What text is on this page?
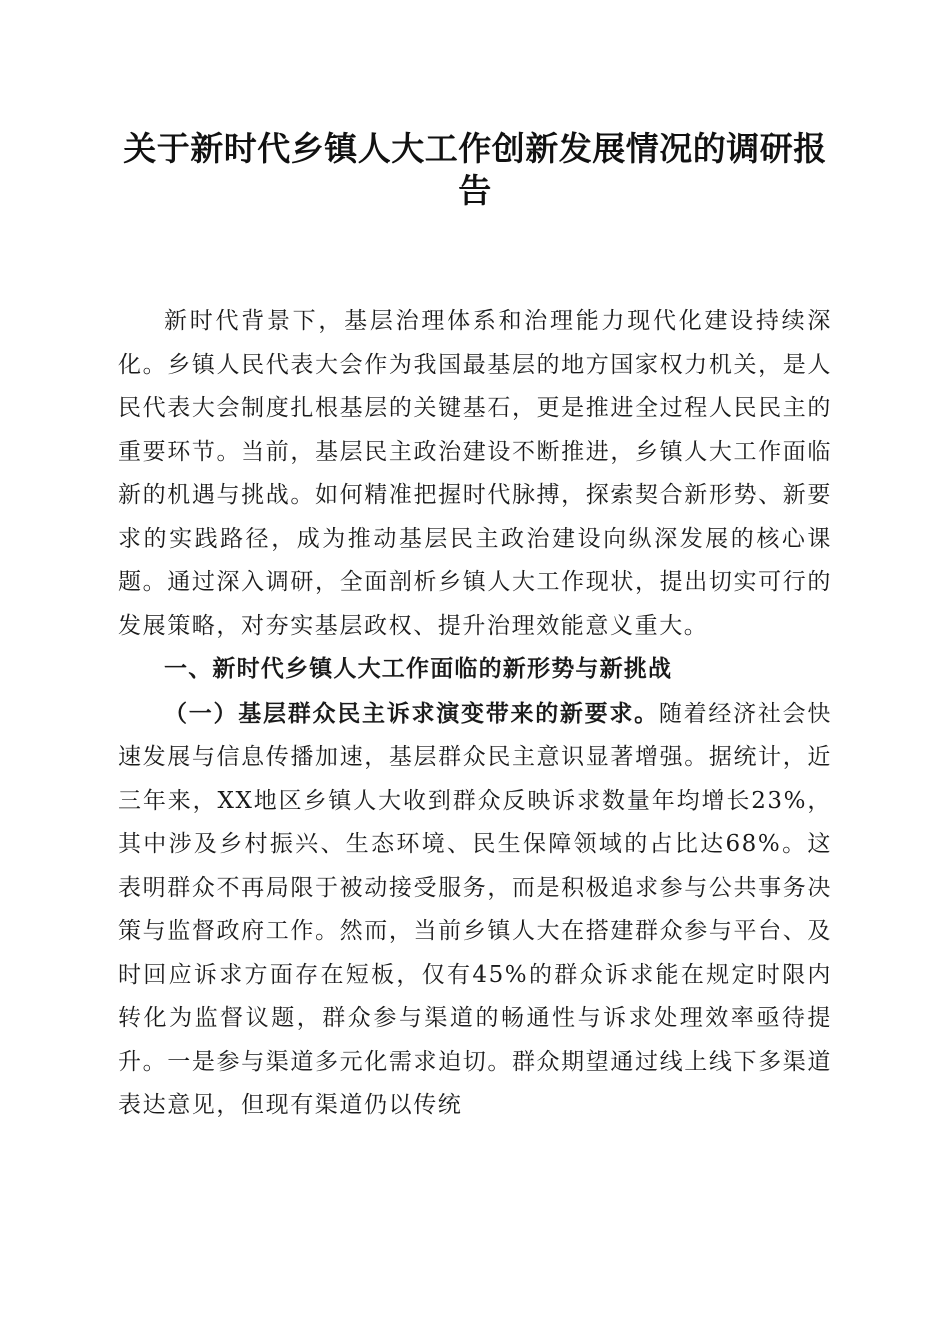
关于新时代乡镇人大工作创新发展情况的调研报告

新时代背景下，基层治理体系和治理能力现代化建设持续深化。乡镇人民代表大会作为我国最基层的地方国家权力机关，是人民代表大会制度扎根基层的关键基石，更是推进全过程人民民主的重要环节。当前，基层民主政治建设不断推进，乡镇人大工作面临新的机遇与挑战。如何精准把握时代脉搏，探索契合新形势、新要求的实践路径，成为推动基层民主政治建设向纵深发展的核心课题。通过深入调研，全面剖析乡镇人大工作现状，提出切实可行的发展策略，对夯实基层政权、提升治理效能意义重大。

一、新时代乡镇人大工作面临的新形势与新挑战

（一）基层群众民主诉求演变带来的新要求。随着经济社会快速发展与信息传播加速，基层群众民主意识显著增强。据统计，近三年来，XX地区乡镇人大收到群众反映诉求数量年均增长23%，其中涉及乡村振兴、生态环境、民生保障领域的占比达68%。这表明群众不再局限于被动接受服务，而是积极追求参与公共事务决策与监督政府工作。然而，当前乡镇人大在搭建群众参与平台、及时回应诉求方面存在短板，仅有45%的群众诉求能在规定时限内转化为监督议题，群众参与渠道的畅通性与诉求处理效率亟待提升。一是参与渠道多元化需求迫切。群众期望通过线上线下多渠道表达意见，但现有渠道仍以传统
